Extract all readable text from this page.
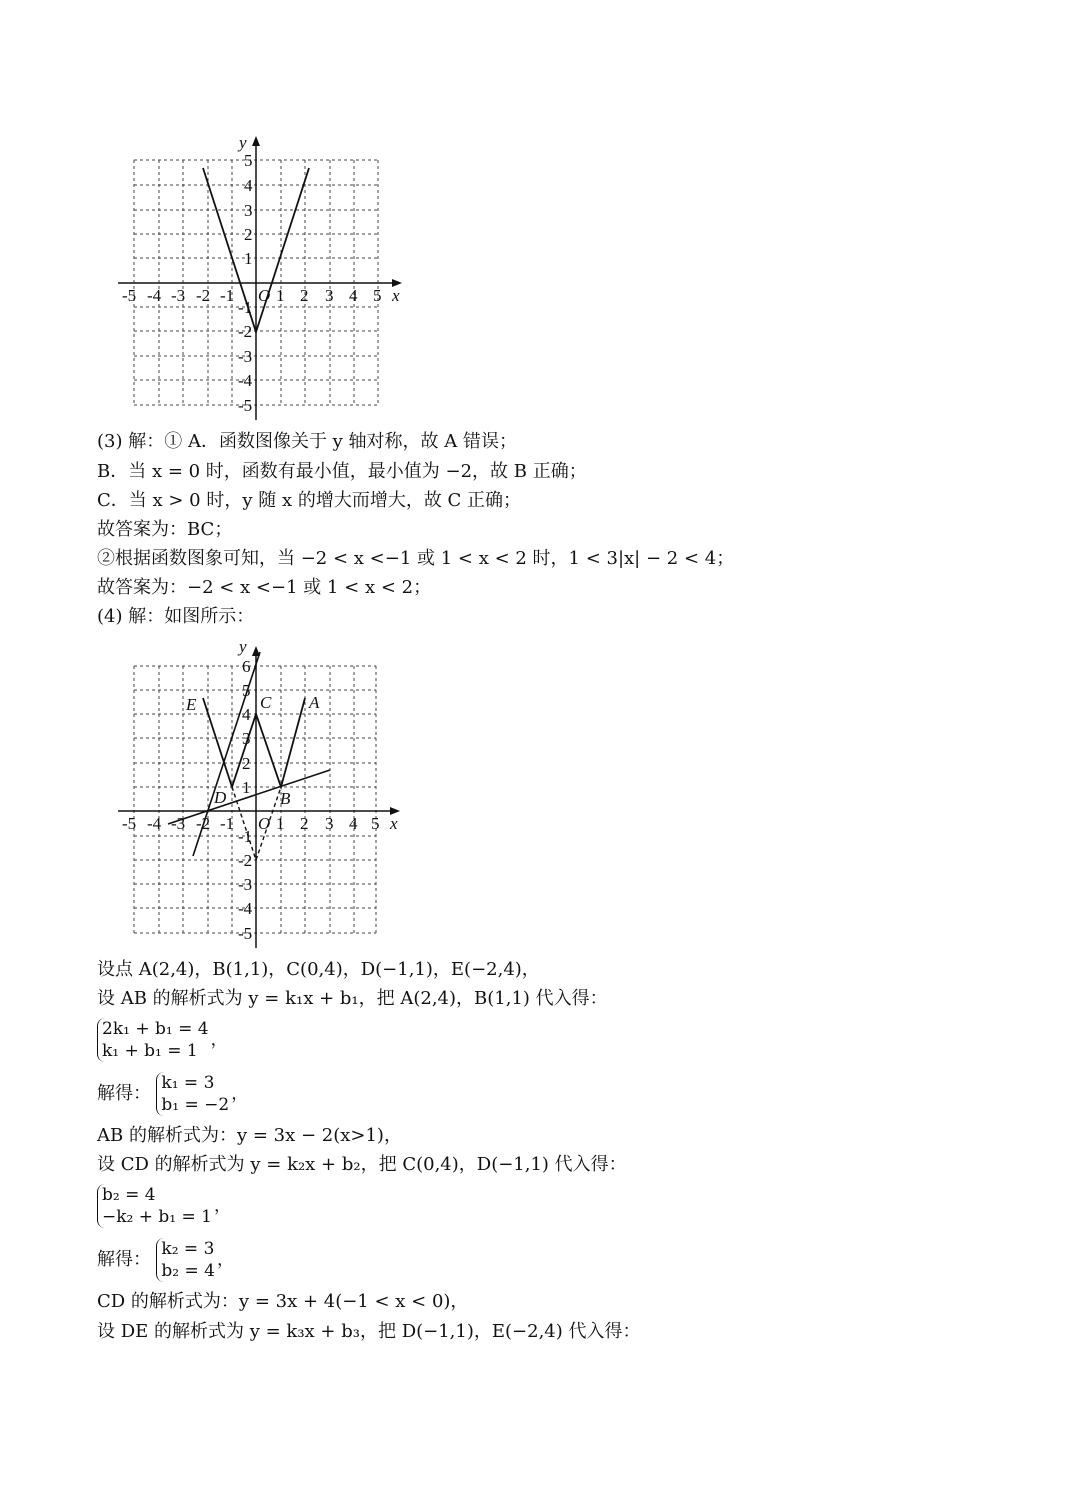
y
x
O
-5 -4 -3 -2 -1 1 2 3 4 5
5
4
3
2
1
-1
-2
-3
-4
-5
(3) 解：① A．函数图像关于 y 轴对称，故 A 错误；
B．当 x = 0 时，函数有最小值，最小值为 −2，故 B 正确；
C．当 x > 0 时，y 随 x 的增大而增大，故 C 正确；
故答案为：BC；
②根据函数图象可知，当 −2 < x <−1 或 1 < x < 2 时，1 < 3|x| − 2 < 4；
故答案为：−2 < x <−1 或 1 < x < 2；
(4) 解：如图所示：
y
x
O
-5 -4 -3 -2 -1 1 2 3 4 5
6
5
4
3
2
1
-1
-2
-3
-4
-5
E	C A
D	B
设点 A(2,4)，B(1,1)，C(0,4)，D(−1,1)，E(−2,4)，
设 AB 的解析式为 y = k₁x + b₁，把 A(2,4)，B(1,1) 代入得：
2k₁ + b₁ = 4
k₁ + b₁ = 1
，
解得： k₁ = 3
b₁ = −2
，
AB 的解析式为：y = 3x − 2(x>1)，
设 CD 的解析式为 y = k₂x + b₂，把 C(0,4)，D(−1,1) 代入得：
b₂ = 4
−k₂ + b₁ = 1
，
解得： k₂ = 3
b₂ = 4
，
CD 的解析式为：y = 3x + 4(−1 < x < 0)，
设 DE 的解析式为 y = k₃x + b₃，把 D(−1,1)，E(−2,4) 代入得：
